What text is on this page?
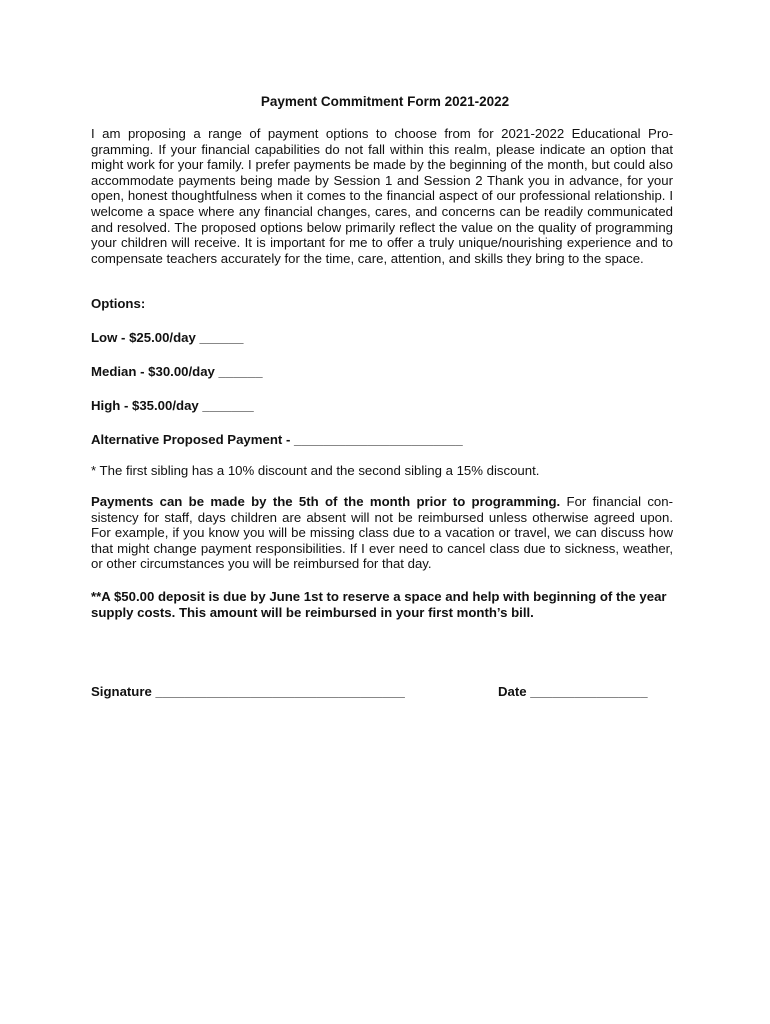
Payment Commitment Form 2021-2022

I am proposing a range of payment options to choose from for 2021-2022 Educational Programming. If your financial capabilities do not fall within this realm, please indicate an option that might work for your family. I prefer payments be made by the beginning of the month, but could also accommodate payments being made by Session 1 and Session 2 Thank you in advance, for your open, honest thoughtfulness when it comes to the financial aspect of our professional relationship. I welcome a space where any financial changes, cares, and concerns can be readily communicated and resolved. The proposed options below primarily reflect the value on the quality of programming your children will receive. It is important for me to offer a truly unique/nourishing experience and to compensate teachers accurately for the time, care, attention, and skills they bring to the space.

Options:
Low - $25.00/day ______
Median - $30.00/day ______
High - $35.00/day _______
Alternative Proposed Payment - _______________________
* The first sibling has a 10% discount and the second sibling a 15% discount.

Payments can be made by the 5th of the month prior to programming. For financial consistency for staff, days children are absent will not be reimbursed unless otherwise agreed upon. For example, if you know you will be missing class due to a vacation or travel, we can discuss how that might change payment responsibilities. If I ever need to cancel class due to sickness, weather, or other circumstances you will be reimbursed for that day.

**A $50.00 deposit is due by June 1st to reserve a space and help with beginning of the year supply costs. This amount will be reimbursed in your first month’s bill.
Signature __________________________________	Date ________________
